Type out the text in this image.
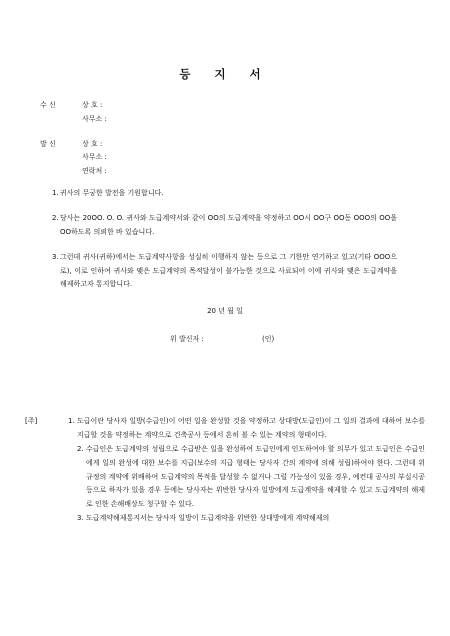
등 지 서
수 신	상 호 :
사무소 :
발 신	상 호 :
사무소 :
연락처 :
1. 귀사의 무궁한 발전을 기원합니다.
2. 당사는 20OO. O. O. 귀사와 도급계약서와 같이 OO의 도급계약을 약정하고 OO시 OO구 OO동 OOO의 OO을 OO하도록 의뢰한 바 있습니다.
3. 그런데 귀사(귀하)에서는 도급계약사항을 성실히 이행하지 않는 등으로 그 기한만 연기하고 있고(기타 OOO으로), 이로 인하여 귀사와 맺은 도급계약의 목적달성이 불가능한 것으로 사료되어 이에 귀사와 맺은 도급계약을 해제하고자 통지합니다.
20 년 월 일
위 발신자 :	(인)
[주]	1. 도급이란 당사자 일방(수급인)이 어떤 일을 완성할 것을 약정하고 상대방(도급인)이 그 일의 결과에 대하여 보수를 지급할 것을 약정하는 계약으로 건축공사 등에서 흔히 볼 수 있는 계약의 형태이다.
2. 수급인은 도급계약의 성립으로 수급받은 일을 완성하여 도급인에게 인도하여야 할 의무가 있고 도급인은 수급인에게 일의 완성에 대한 보수를 지급(보수의 지급 형태는 당사자 간의 계약에 의해 성립)하여야 한다. 그런데 위 규정의 계약에 위배하여 도급계약의 목적을 달성할 수 없거나 그럴 가능성이 있을 경우, 예컨대 공사의 부실시공 등으로 하자가 있을 경우 등에는 당사자는 위반한 당사자 일방에게 도급계약을 해제할 수 있고 도급계약의 해제로 인한 손해배상도 청구할 수 있다.
3. 도급계약해제통지서는 당사자 일방이 도급계약을 위반한 상대방에게 계약해제의
